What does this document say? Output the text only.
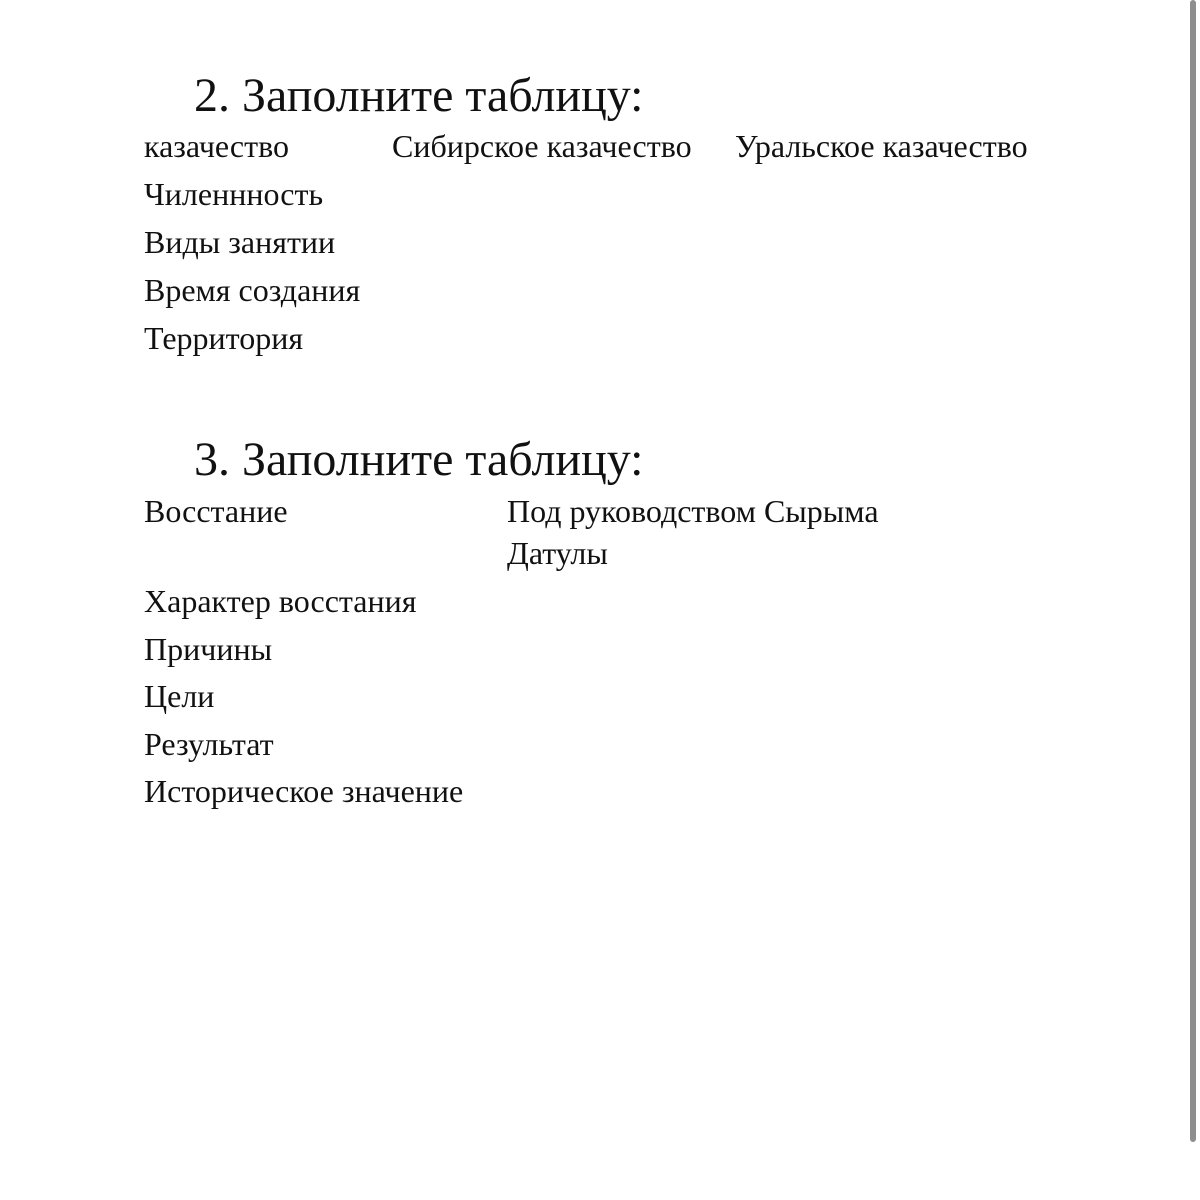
2. Заполните таблицу:
казачество	Сибирское казачество Уральское казачество
Чиленнность
Виды занятии
Время создания
Территория
3. Заполните таблицу:
Восстание	Под руководством Сырыма Датулы
Характер восстания
Причины
Цели
Результат
Историческое значение
